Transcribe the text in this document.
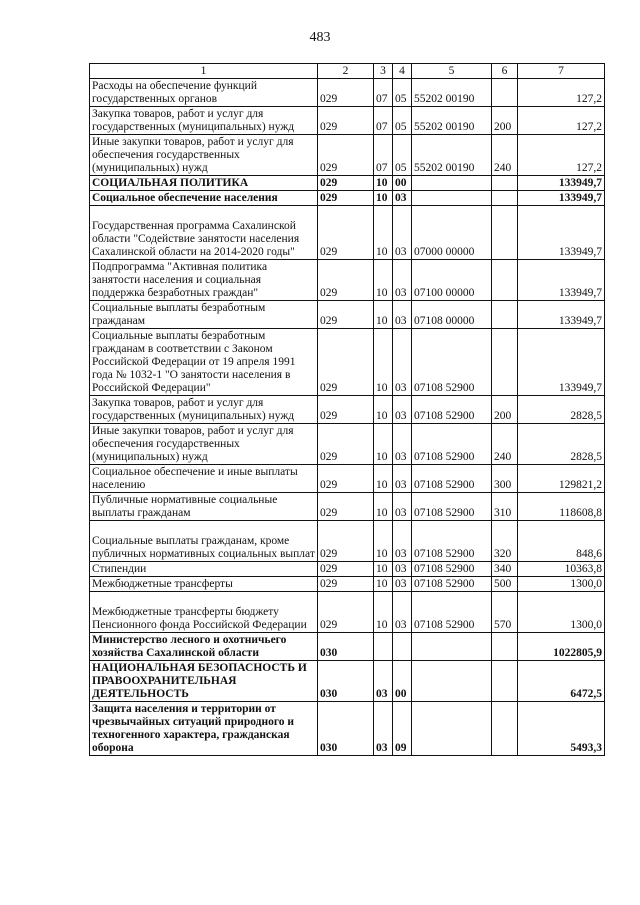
483
1	2	3	4	5	6	7
Расходы на обеспечение функций государственных органов	029	07	05	55202 00190		127,2
Закупка товаров, работ и услуг для государственных (муниципальных) нужд	029	07	05	55202 00190	200	127,2
Иные закупки товаров, работ и услуг для обеспечения государственных (муниципальных) нужд	029	07	05	55202 00190	240	127,2
СОЦИАЛЬНАЯ ПОЛИТИКА	029	10	00			133949,7
Социальное обеспечение населения	029	10	03			133949,7
Государственная программа Сахалинской области "Содействие занятости населения Сахалинской области на 2014-2020 годы"	029	10	03	07000 00000		133949,7
Подпрограмма "Активная политика занятости населения и социальная поддержка безработных граждан"	029	10	03	07100 00000		133949,7
Социальные выплаты безработным гражданам	029	10	03	07108 00000		133949,7
Социальные выплаты безработным гражданам в соответствии с Законом Российской Федерации от 19 апреля 1991 года № 1032-1 "О занятости населения в Российской Федерации"	029	10	03	07108 52900		133949,7
Закупка товаров, работ и услуг для государственных (муниципальных) нужд	029	10	03	07108 52900	200	2828,5
Иные закупки товаров, работ и услуг для обеспечения государственных (муниципальных) нужд	029	10	03	07108 52900	240	2828,5
Социальное обеспечение и иные выплаты населению	029	10	03	07108 52900	300	129821,2
Публичные нормативные социальные выплаты гражданам	029	10	03	07108 52900	310	118608,8
Социальные выплаты гражданам, кроме публичных нормативных социальных выплат	029	10	03	07108 52900	320	848,6
Стипендии	029	10	03	07108 52900	340	10363,8
Межбюджетные трансферты	029	10	03	07108 52900	500	1300,0
Межбюджетные трансферты бюджету Пенсионного фонда Российской Федерации	029	10	03	07108 52900	570	1300,0
Министерство лесного и охотничьего хозяйства Сахалинской области	030					1022805,9
НАЦИОНАЛЬНАЯ БЕЗОПАСНОСТЬ И ПРАВООХРАНИТЕЛЬНАЯ ДЕЯТЕЛЬНОСТЬ	030	03	00			6472,5
Защита населения и территории от чрезвычайных ситуаций природного и техногенного характера, гражданская оборона	030	03	09			5493,3
